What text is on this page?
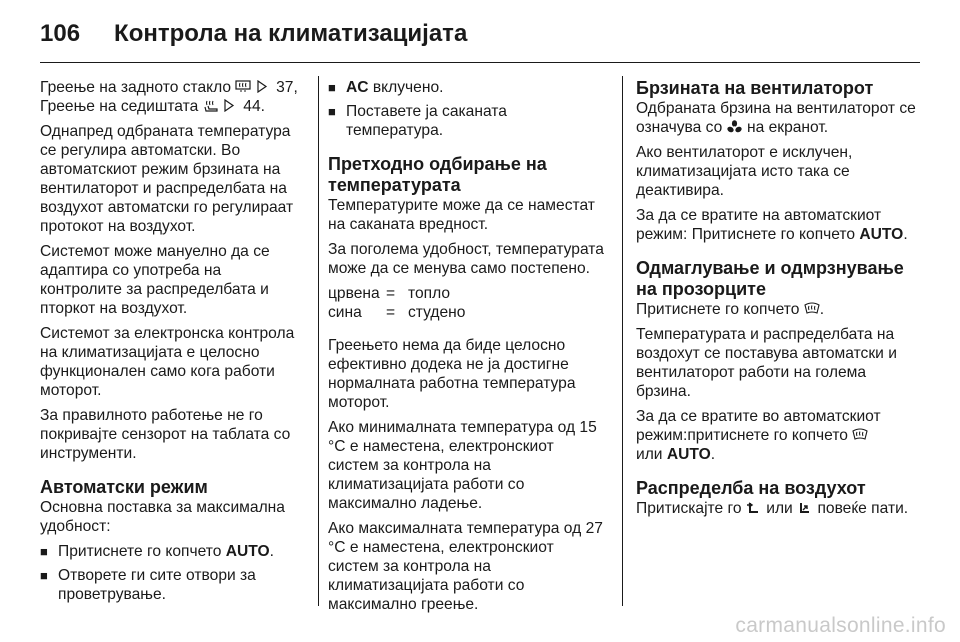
106 Контрола на климатизацијата

Греење на задното стакло
	37,
Греење на седиштата
	44.

Однапред одбраната температура се регулира автоматски. Во автоматскиот режим брзината на вентилаторот и распределбата на воздухот автоматски го регулираат протокот на воздухот.

Системот може мануелно да се адаптира со употреба на контролите за распределбата и пторкот на воздухот.

Системот за електронска контрола на климатизацијата е целосно функционален само кога работи моторот.

За правилното работење не го покривајте сензорот на таблата со инструменти.

Автоматски режим

Основна поставка за максимална удобност:

■ Притиснете го копчето AUTO.
■ Отворете ги сите отвори за проветрување.
■ AC вклучено.
■ Поставете ја саканата температура.
Претходно одбирање на температурата

Температурите може да се наместат на саканата вредност.

За поголема удобност, температурата може да се менува само постепено.

црвена = топло
сина	= студено

Греењето нема да биде целосно ефективно додека не ја достигне нормалната работна температура моторот.

Ако минималната температура од 15 °C е наместена, електронскиот систем за контрола на климатизацијата работи со максимално ладење.

Ако максималната температура од 27 °C е наместена, електронскиот систем за контрола на климатизацијата работи со максимално греење.

Брзината на вентилаторот

Одбраната брзина на вентилаторот се означува со на екранот.

Ако вентилаторот е исклучен, климатизацијата исто така се деактивира.

За да се вратите на автоматскиот режим: Притиснете го копчето AUTO.

Одмаглување и одмрзнување на прозорците

Притиснете го копчето .

Температурата и распределбата на воздохут се поставува автоматски и вентилаторот работи на голема брзина.

За да се вратите во автоматскиот режим:притиснете го копчето

или AUTO.

Распределба на воздухот

Притискајте го или повеќе пати.

carmanualsonline.info
